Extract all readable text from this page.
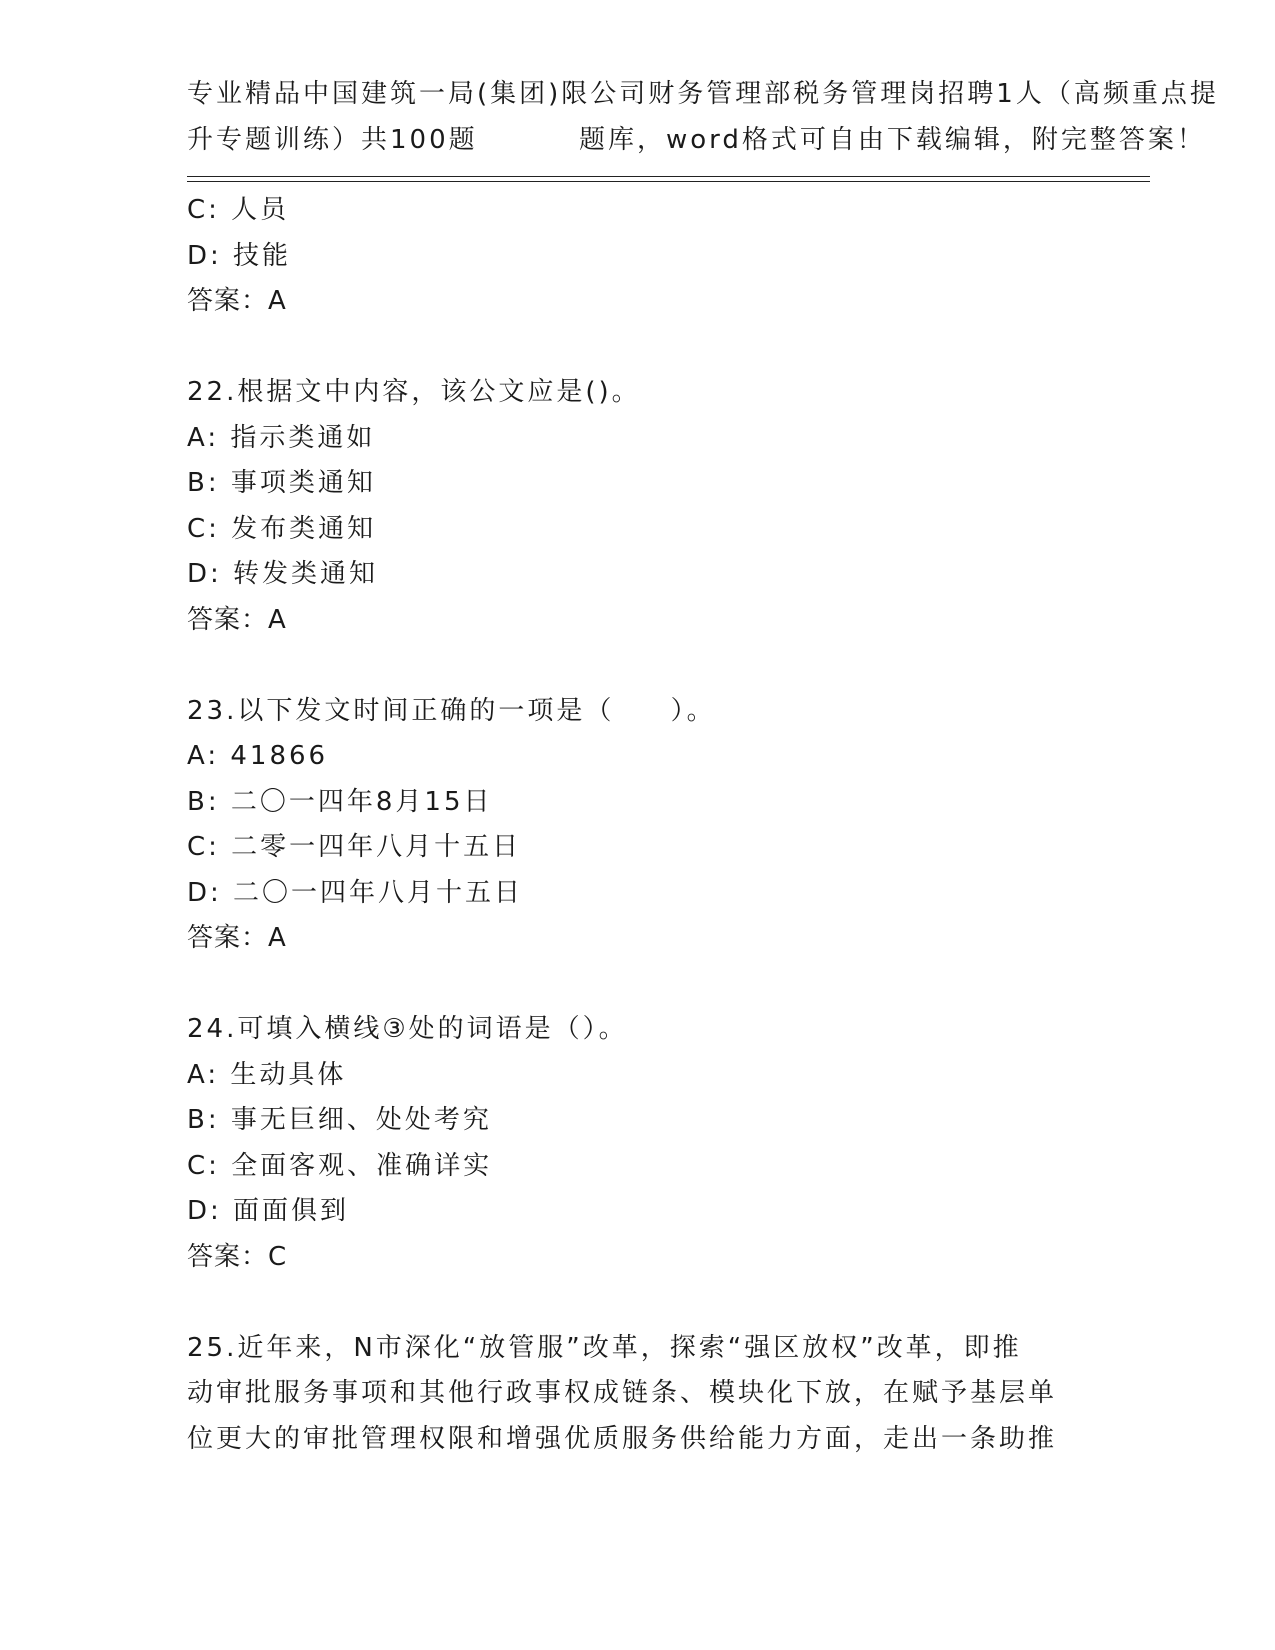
专业精品中国建筑一局(集团)限公司财务管理部税务管理岗招聘1人（高频重点提
升专题训练）共100题         题库，word格式可自由下载编辑，附完整答案！
C: 人员
D: 技能
答案：A
22.根据文中内容，该公文应是()。
A: 指示类通如
B: 事项类通知
C: 发布类通知
D: 转发类通知
答案：A
23.以下发文时间正确的一项是（     ）。
A: 41866
B: 二〇一四年8月15日
C: 二零一四年八月十五日
D: 二〇一四年八月十五日
答案：A
24.可填入横线③处的词语是（）。
A: 生动具体
B: 事无巨细、处处考究
C: 全面客观、准确详实
D: 面面俱到
答案：C
25.近年来，N市深化“放管服”改革，探索“强区放权”改革，即推
动审批服务事项和其他行政事权成链条、模块化下放，在赋予基层单
位更大的审批管理权限和增强优质服务供给能力方面，走出一条助推
